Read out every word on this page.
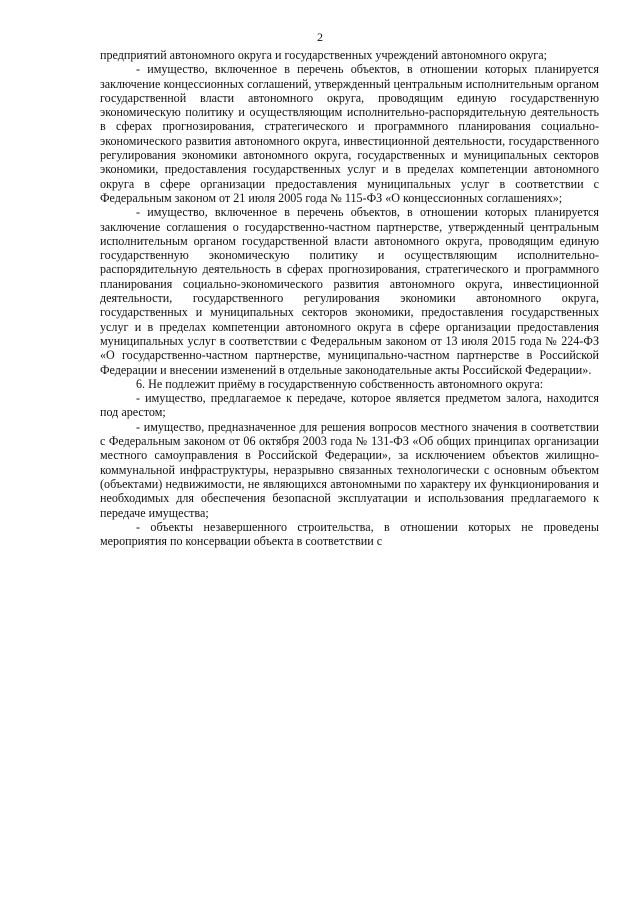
2

предприятий автономного округа и государственных учреждений автономного округа;

- имущество, включенное в перечень объектов, в отношении которых планируется заключение концессионных соглашений, утвержденный центральным исполнительным органом государственной власти автономного округа, проводящим единую государственную экономическую политику и осуществляющим исполнительно-распорядительную деятельность в сферах прогнозирования, стратегического и программного планирования социально-экономического развития автономного округа, инвестиционной деятельности, государственного регулирования экономики автономного округа, государственных и муниципальных секторов экономики, предоставления государственных услуг и в пределах компетенции автономного округа в сфере организации предоставления муниципальных услуг в соответствии с Федеральным законом от 21 июля 2005 года № 115-ФЗ «О концессионных соглашениях»;

- имущество, включенное в перечень объектов, в отношении которых планируется заключение соглашения о государственно-частном партнерстве, утвержденный центральным исполнительным органом государственной власти автономного округа, проводящим единую государственную экономическую политику и осуществляющим исполнительно-распорядительную деятельность в сферах прогнозирования, стратегического и программного планирования социально-экономического развития автономного округа, инвестиционной деятельности, государственного регулирования экономики автономного округа, государственных и муниципальных секторов экономики, предоставления государственных услуг и в пределах компетенции автономного округа в сфере организации предоставления муниципальных услуг в соответствии с Федеральным законом от 13 июля 2015 года № 224-ФЗ «О государственно-частном партнерстве, муниципально-частном партнерстве в Российской Федерации и внесении изменений в отдельные законодательные акты Российской Федерации».

6. Не подлежит приёму в государственную собственность автономного округа:

- имущество, предлагаемое к передаче, которое является предметом залога, находится под арестом;

- имущество, предназначенное для решения вопросов местного значения в соответствии с Федеральным законом от 06 октября 2003 года № 131-ФЗ «Об общих принципах организации местного самоуправления в Российской Федерации», за исключением объектов жилищно-коммунальной инфраструктуры, неразрывно связанных технологически с основным объектом (объектами) недвижимости, не являющихся автономными по характеру их функционирования и необходимых для обеспечения безопасной эксплуатации и использования предлагаемого к передаче имущества;

- объекты незавершенного строительства, в отношении которых не проведены мероприятия по консервации объекта в соответствии с
